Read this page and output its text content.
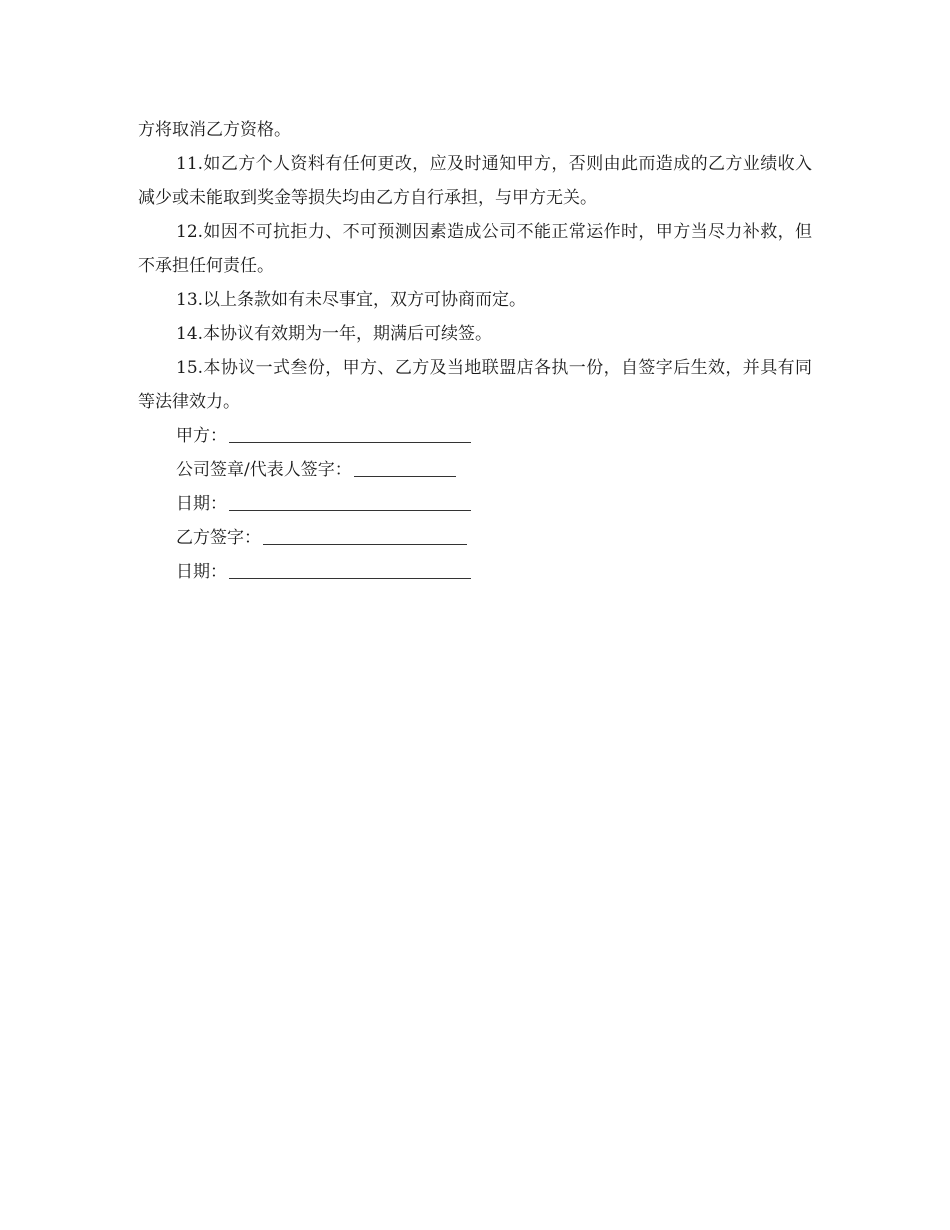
方将取消乙方资格。

11.如乙方个人资料有任何更改，应及时通知甲方，否则由此而造成的乙方业绩收入减少或未能取到奖金等损失均由乙方自行承担，与甲方无关。

12.如因不可抗拒力、不可预测因素造成公司不能正常运作时，甲方当尽力补救，但不承担任何责任。

13.以上条款如有未尽事宜，双方可协商而定。

14.本协议有效期为一年，期满后可续签。

15.本协议一式叁份，甲方、乙方及当地联盟店各执一份，自签字后生效，并具有同等法律效力。

甲方：
公司签章/代表人签字：
日期：
乙方签字：
日期：
